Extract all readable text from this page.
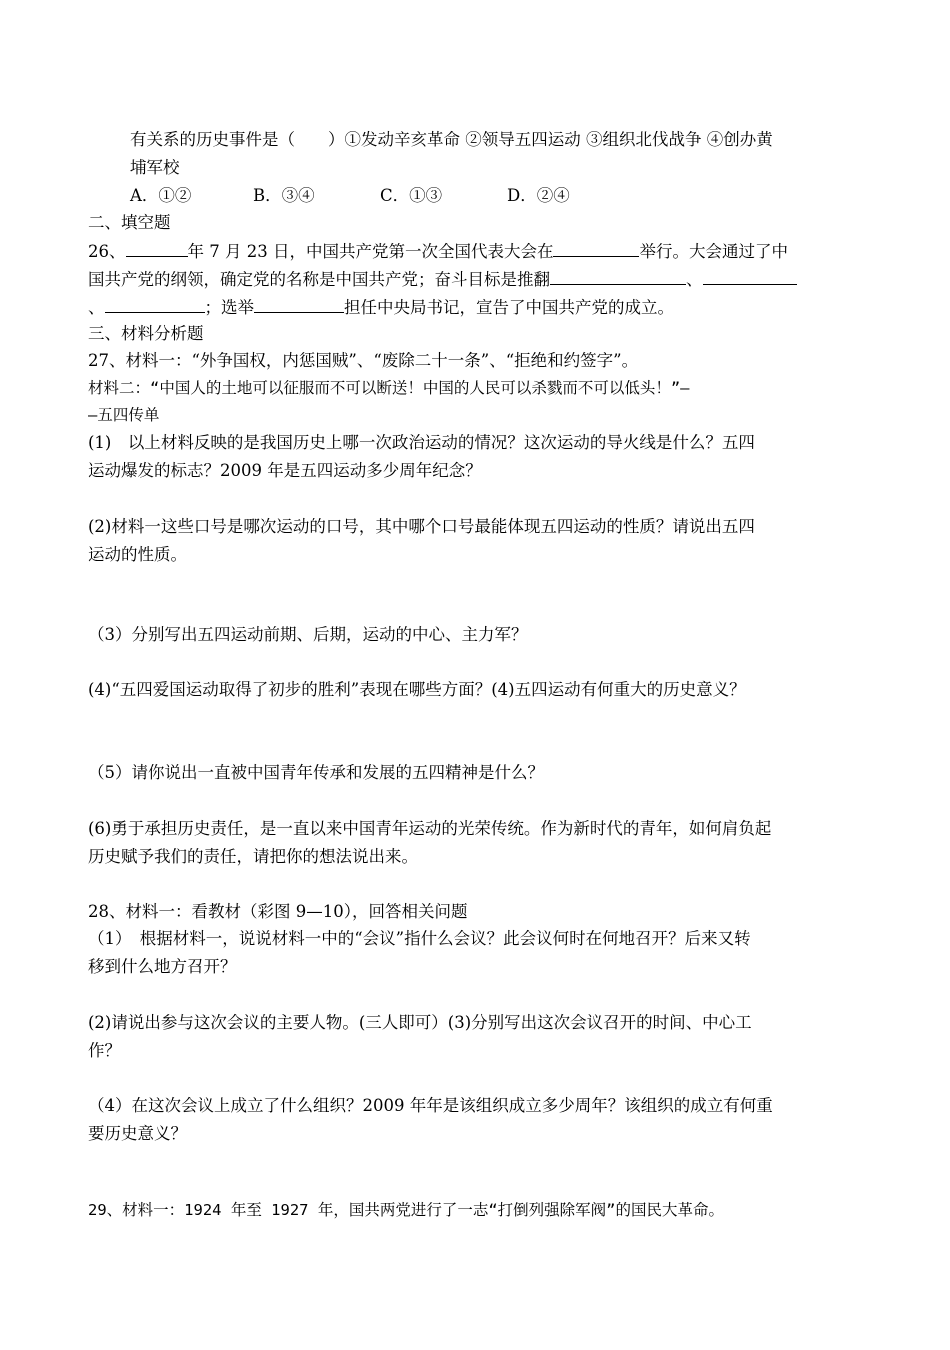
有关系的历史事件是（　　）①发动辛亥革命 ②领导五四运动 ③组织北伐战争 ④创办黄
埔军校
A．①②	B．③④	C．①③	D．②④
二、填空题
26、	年 7 月 23 日，中国共产党第一次全国代表大会在	举行。大会通过了中
国共产党的纲领，确定党的名称是中国共产党；奋斗目标是推翻	、
、	；选举	担任中央局书记，宣告了中国共产党的成立。
三、材料分析题
27、材料一：“外争国权，内惩国贼”、“废除二十一条”、“拒绝和约签字”。
材料二：“中国人的土地可以征服而不可以断送！中国的人民可以杀戮而不可以低头！”—
—五四传单
(1)　以上材料反映的是我国历史上哪一次政治运动的情况？这次运动的导火线是什么？五四
运动爆发的标志？2009 年是五四运动多少周年纪念？
(2)材料一这些口号是哪次运动的口号，其中哪个口号最能体现五四运动的性质？请说出五四
运动的性质。
（3）分别写出五四运动前期、后期，运动的中心、主力军？
(4)“五四爱国运动取得了初步的胜利”表现在哪些方面？(4)五四运动有何重大的历史意义？
（5）请你说出一直被中国青年传承和发展的五四精神是什么？
(6)勇于承担历史责任，是一直以来中国青年运动的光荣传统。作为新时代的青年，如何肩负起
历史赋予我们的责任，请把你的想法说出来。
28、材料一：看教材（彩图 9—10），回答相关问题
（1）　根据材料一，说说材料一中的“会议”指什么会议？此会议何时在何地召开？后来又转
移到什么地方召开？
(2)请说出参与这次会议的主要人物。(三人即可）(3)分别写出这次会议召开的时间、中心工
作？
（4）在这次会议上成立了什么组织？2009 年年是该组织成立多少周年？该组织的成立有何重
要历史意义？
29、材料一：1924 年至 1927 年，国共两党进行了一志“打倒列强除军阀”的国民大革命。
